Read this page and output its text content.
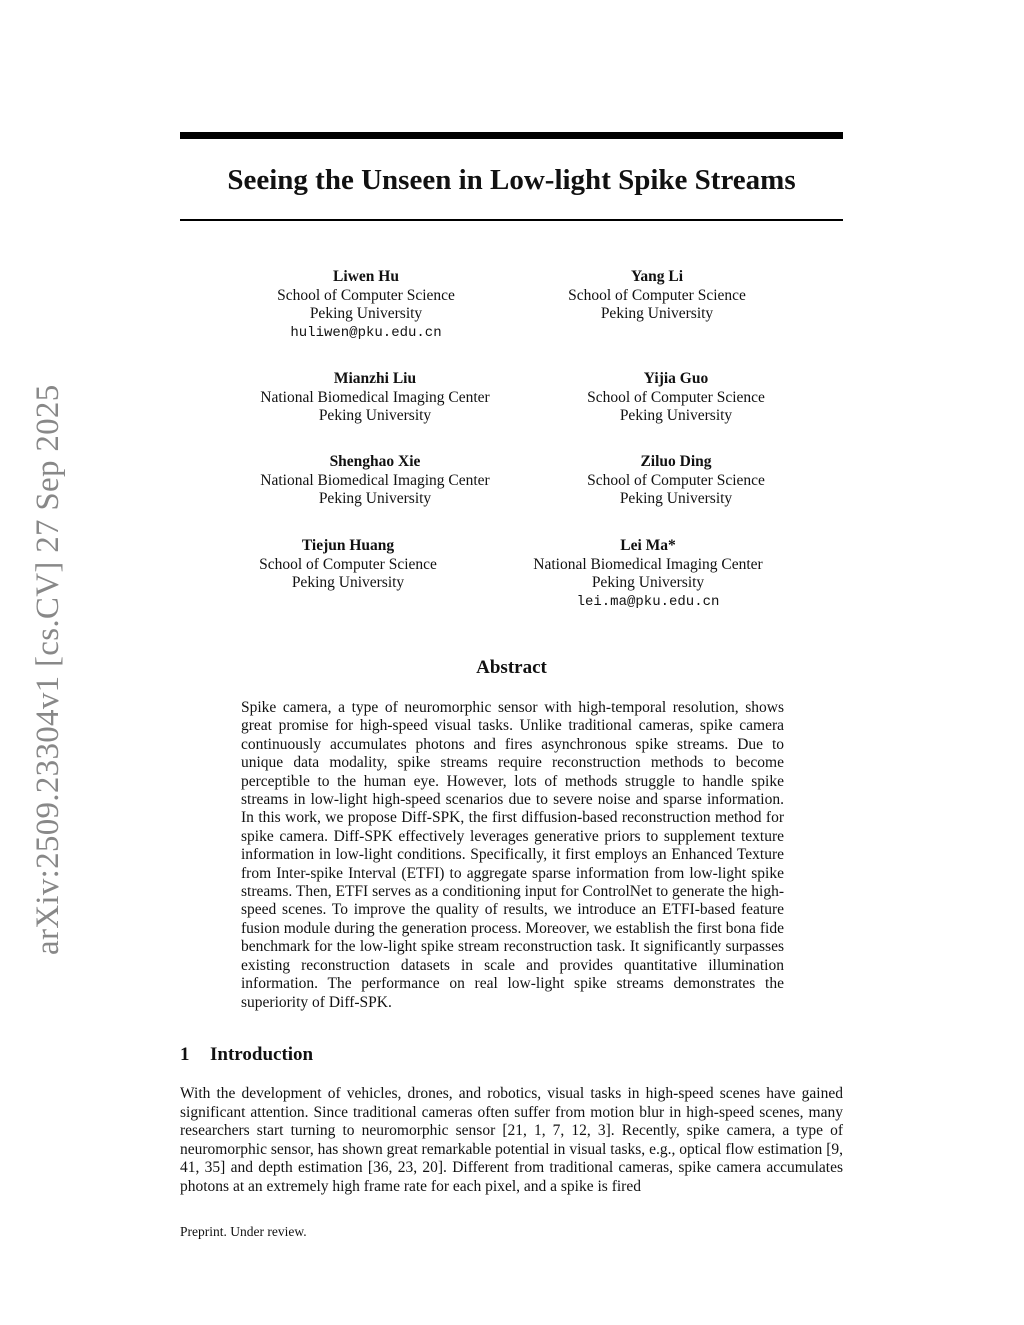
arXiv:2509.23304v1 [cs.CV] 27 Sep 2025
Seeing the Unseen in Low-light Spike Streams
Liwen Hu
School of Computer Science
Peking University
huliwen@pku.edu.cn
Yang Li
School of Computer Science
Peking University
Mianzhi Liu
National Biomedical Imaging Center
Peking University
Yijia Guo
School of Computer Science
Peking University
Shenghao Xie
National Biomedical Imaging Center
Peking University
Ziluo Ding
School of Computer Science
Peking University
Tiejun Huang
School of Computer Science
Peking University
Lei Ma*
National Biomedical Imaging Center
Peking University
lei.ma@pku.edu.cn
Abstract
Spike camera, a type of neuromorphic sensor with high-temporal resolution, shows great promise for high-speed visual tasks. Unlike traditional cameras, spike camera continuously accumulates photons and fires asynchronous spike streams. Due to unique data modality, spike streams require reconstruction methods to become perceptible to the human eye. However, lots of methods struggle to handle spike streams in low-light high-speed scenarios due to severe noise and sparse information. In this work, we propose Diff-SPK, the first diffusion-based reconstruction method for spike camera. Diff-SPK effectively leverages generative priors to supplement texture information in low-light conditions. Specifically, it first employs an Enhanced Texture from Inter-spike Interval (ETFI) to aggregate sparse information from low-light spike streams. Then, ETFI serves as a conditioning input for ControlNet to generate the high-speed scenes. To improve the quality of results, we introduce an ETFI-based feature fusion module during the generation process. Moreover, we establish the first bona fide benchmark for the low-light spike stream reconstruction task. It significantly surpasses existing reconstruction datasets in scale and provides quantitative illumination information. The performance on real low-light spike streams demonstrates the superiority of Diff-SPK.
1 Introduction
With the development of vehicles, drones, and robotics, visual tasks in high-speed scenes have gained significant attention. Since traditional cameras often suffer from motion blur in high-speed scenes, many researchers start turning to neuromorphic sensor [21, 1, 7, 12, 3]. Recently, spike camera, a type of neuromorphic sensor, has shown great remarkable potential in visual tasks, e.g., optical flow estimation [9, 41, 35] and depth estimation [36, 23, 20]. Different from traditional cameras, spike camera accumulates photons at an extremely high frame rate for each pixel, and a spike is fired
Preprint. Under review.
